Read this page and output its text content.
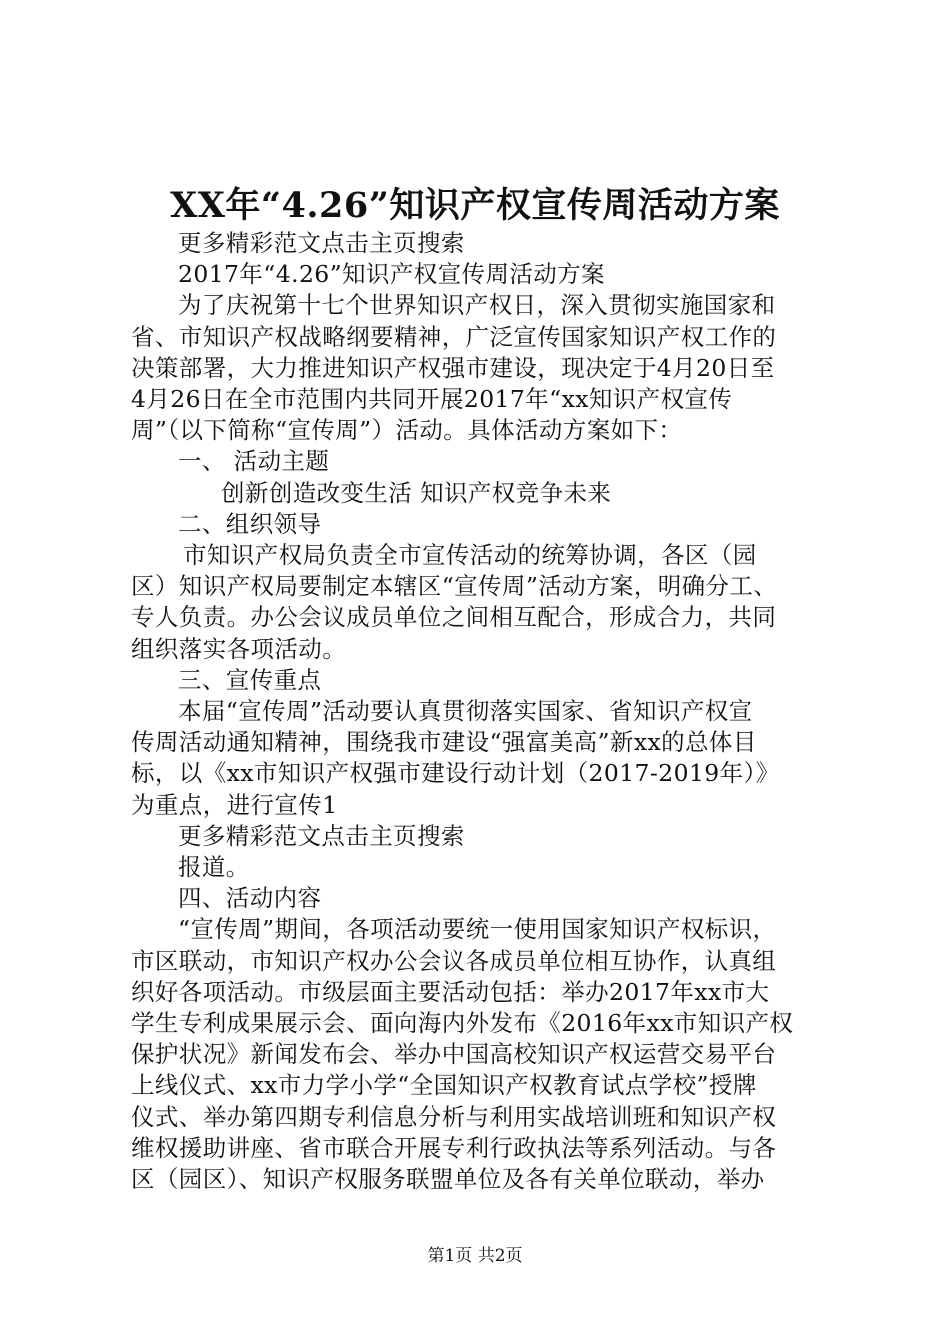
XX年“4.26”知识产权宣传周活动方案
更多精彩范文点击主页搜索
2017年“4.26”知识产权宣传周活动方案
为了庆祝第十七个世界知识产权日，深入贯彻实施国家和
省、市知识产权战略纲要精神，广泛宣传国家知识产权工作的
决策部署，大力推进知识产权强市建设，现决定于4月20日至
4月26日在全市范围内共同开展2017年“xx知识产权宣传
周”（以下简称“宣传周”）活动。具体活动方案如下：
一、 活动主题
创新创造改变生活 知识产权竞争未来
二、组织领导
市知识产权局负责全市宣传活动的统筹协调，各区（园
区）知识产权局要制定本辖区“宣传周”活动方案，明确分工、
专人负责。办公会议成员单位之间相互配合，形成合力，共同
组织落实各项活动。
三、宣传重点
本届“宣传周”活动要认真贯彻落实国家、省知识产权宣
传周活动通知精神，围绕我市建设“强富美高”新xx的总体目
标，以《xx市知识产权强市建设行动计划（2017-2019年）》
为重点，进行宣传1
更多精彩范文点击主页搜索
报道。
四、活动内容
“宣传周”期间，各项活动要统一使用国家知识产权标识，
市区联动，市知识产权办公会议各成员单位相互协作，认真组
织好各项活动。市级层面主要活动包括：举办2017年xx市大
学生专利成果展示会、面向海内外发布《2016年xx市知识产权
保护状况》新闻发布会、举办中国高校知识产权运营交易平台
上线仪式、xx市力学小学“全国知识产权教育试点学校”授牌
仪式、举办第四期专利信息分析与利用实战培训班和知识产权
维权援助讲座、省市联合开展专利行政执法等系列活动。与各
区（园区）、知识产权服务联盟单位及各有关单位联动，举办
第1页 共2页
